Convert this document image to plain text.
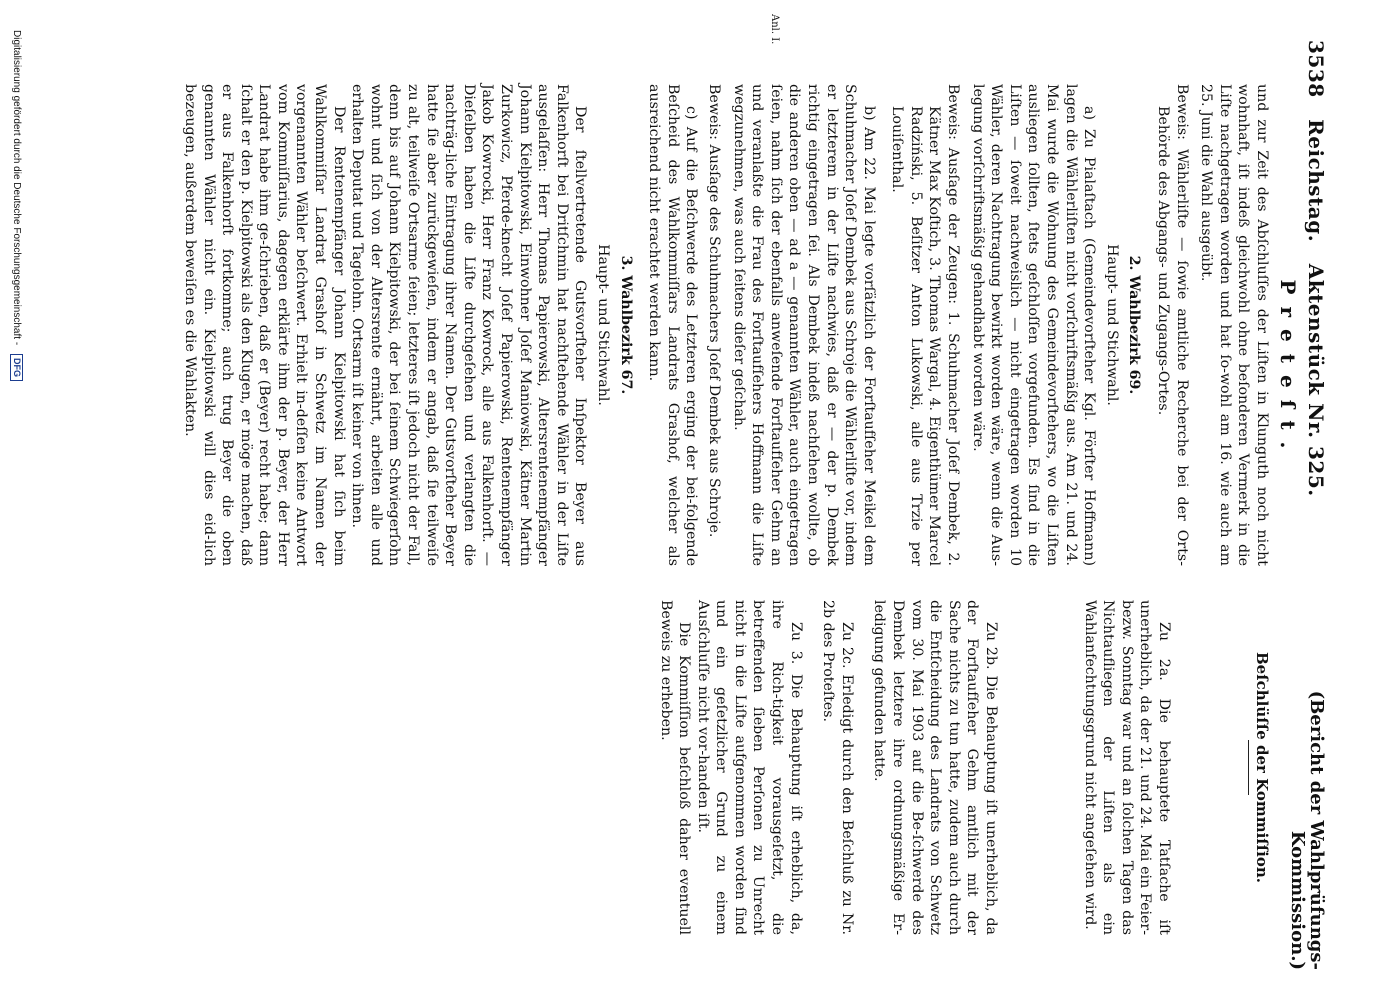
3538 Reichstag. Aktenstück Nr. 325.
(Bericht der Wahlprüfungs-Kommission.)
Preteſt.

und zur Zeit des Abſchluſſes der Liſten in Klunguth noch nicht wohnhaft, iſt indeß gleichwohl ohne beſonderen Vermerk in die Liſte nachgetragen worden und hat ſo-wohl am 16. wie auch am 25. Juni die Wahl ausgeübt.

Beweis: Wählerliſte — ſowie amtliche Recherche bei der Orts-Behörde des Abgangs- und Zugangs-Ortes.

2. Wahlbezirk 69.
Haupt- und Stichwahl.

a) Zu Pialaſtach (Gemeindevorſteher Kgl. Förſter Hoffmann) lagen die Wählerliſten nicht vorſchriftsmäßig aus. Am 21. und 24. Mai wurde die Wohnung des Gemeindevorſtehers, wo die Liſten ausliegen ſollten, ſtets geſchloſſen vorgefunden. Es ſind in die Liſten — ſoweit nachweislich — nicht eingetragen worden 10 Wähler, deren Nachtragung bewirkt worden wäre, wenn die Aus-legung vorſchriftsmäßig gehandhabt worden wäre.

Beweis: Ausſage der Zeugen: 1. Schuhmacher Joſef Dembek, 2. Kätner Max Koſtich, 3. Thomas Wargal, 4. Eigenthümer Marcel Radziński, 5. Beſitzer Anton Lukowski, alle aus Trzie per Louiſenthal.

b) Am 22. Mai legte vorſätzlich der Forſtaufſeher Meikel dem Schuhmacher Joſef Dembek aus Schroje die Wählerliſte vor, indem er letzterem in der Liſte nachwies, daß er — der p. Dembek richtig eingetragen ſei. Als Dembek indeß nachſehen wollte, ob die anderen oben — ad a — genannten Wähler, auch eingetragen ſeien, nahm ſich der ebenfalls anweſende Forſtaufſeher Gehm an und veranlaßte die Frau des Forſtaufſehers Hoffmann die Liſte wegzunehmen, was auch ſeitens dieſer geſchah.

Beweis: Ausſage des Schuhmachers Joſef Dembek aus Schroje.

c) Auf die Beſchwerde des Letzteren erging der bei-folgende Beſcheid des Wahlkommiſſars Landrats Grashof, welcher als ausreichend nicht erachtet werden kann.

3. Wahlbezirk 67.
Haupt- und Stichwahl.

Der ſtellvertretende Gutsvorſteher Inſpektor Beyer aus Falkenhorſt bei Dritſchmin hat nachſtehende Wähler in der Liſte ausgelaſſen: Herr Thomas Papierowski, Altersrentenempfänger Johann Kielpitowski, Einwohner Joſef Maniowski, Kätner Martin Zurkowicz, Pferde-knecht Joſef Papierowski, Rentenempfänger Jakob Kowrocki, Herr Franz Kowrock, alle aus Falkenhorſt. — Dieſelben haben die Liſte durchgeſehen und verlangten die nachträg-liche Eintragung ihrer Namen. Der Gutsvorſteher Beyer hatte ſie aber zurückgewieſen, indem er angab, daß ſie teilweiſe zu alt, teilweiſe Ortsarme ſeien; letzteres iſt jedoch nicht der Fall, denn bis auf Johann Kielpitowski, der bei ſeinem Schwiegerſohn wohnt und ſich von der Altersrente ernährt, arbeiten alle und erhalten Deputat und Tagelohn. Ortsarm iſt keiner von ihnen.

Der Rentenempfänger Johann Kielpitowski hat ſich beim Wahlkommiſſar Landrat Grashof in Schwetz im Namen der vorgenannten Wähler beſchwert. Erhielt in-deſſen keine Antwort vom Kommiſſarius, dagegen erklärte ihm der p. Beyer, der Herr Landrat habe ihm ge-ſchrieben, daß er (Beyer) recht habe; dann ſchalt er den p. Kielpitowski als den Klugen, er möge machen, daß er aus Falkenhorſt fortkomme; auch trug Beyer die oben genannten Wähler nicht ein. Kielpitowski will dies eid-lich bezeugen, außerdem beweiſen es die Wahlakten.

Anl. I.
Beſchlüſſe der Kommiſſion.

Zu 2a. Die behauptete Tatſache iſt unerheblich, da der 21. und 24. Mai ein Feier- bezw. Sonntag war und an ſolchen Tagen das Nichtaufliegen der Liſten als ein Wahlanfechtungsgrund nicht angeſehen wird.

Zu 2b. Die Behauptung iſt unerheblich, da der Forſtaufſeher Gehm amtlich mit der Sache nichts zu tun hatte, zudem auch durch die Entſcheidung des Landrats von Schwetz vom 30. Mai 1903 auf die Be-ſchwerde des Dembek letztere ihre ordnungsmäßige Er-ledigung gefunden hatte.

Zu 2c. Erledigt durch den Beſchluß zu Nr. 2b des Proteſtes.

Zu 3. Die Behauptung iſt erheblich, da, ihre Rich-tigkeit vorausgeſetzt, die betreffenden ſieben Perſonen zu Unrecht nicht in die Liſte aufgenommen worden ſind und ein geſetzlicher Grund zu einem Ausſchluſſe nicht vor-handen iſt.

Die Kommiſſion beſchloß daher eventuell Beweis zu erheben.

Digitalisierung gefördert durch die Deutsche Forschungsgemeinschaft - DFG
